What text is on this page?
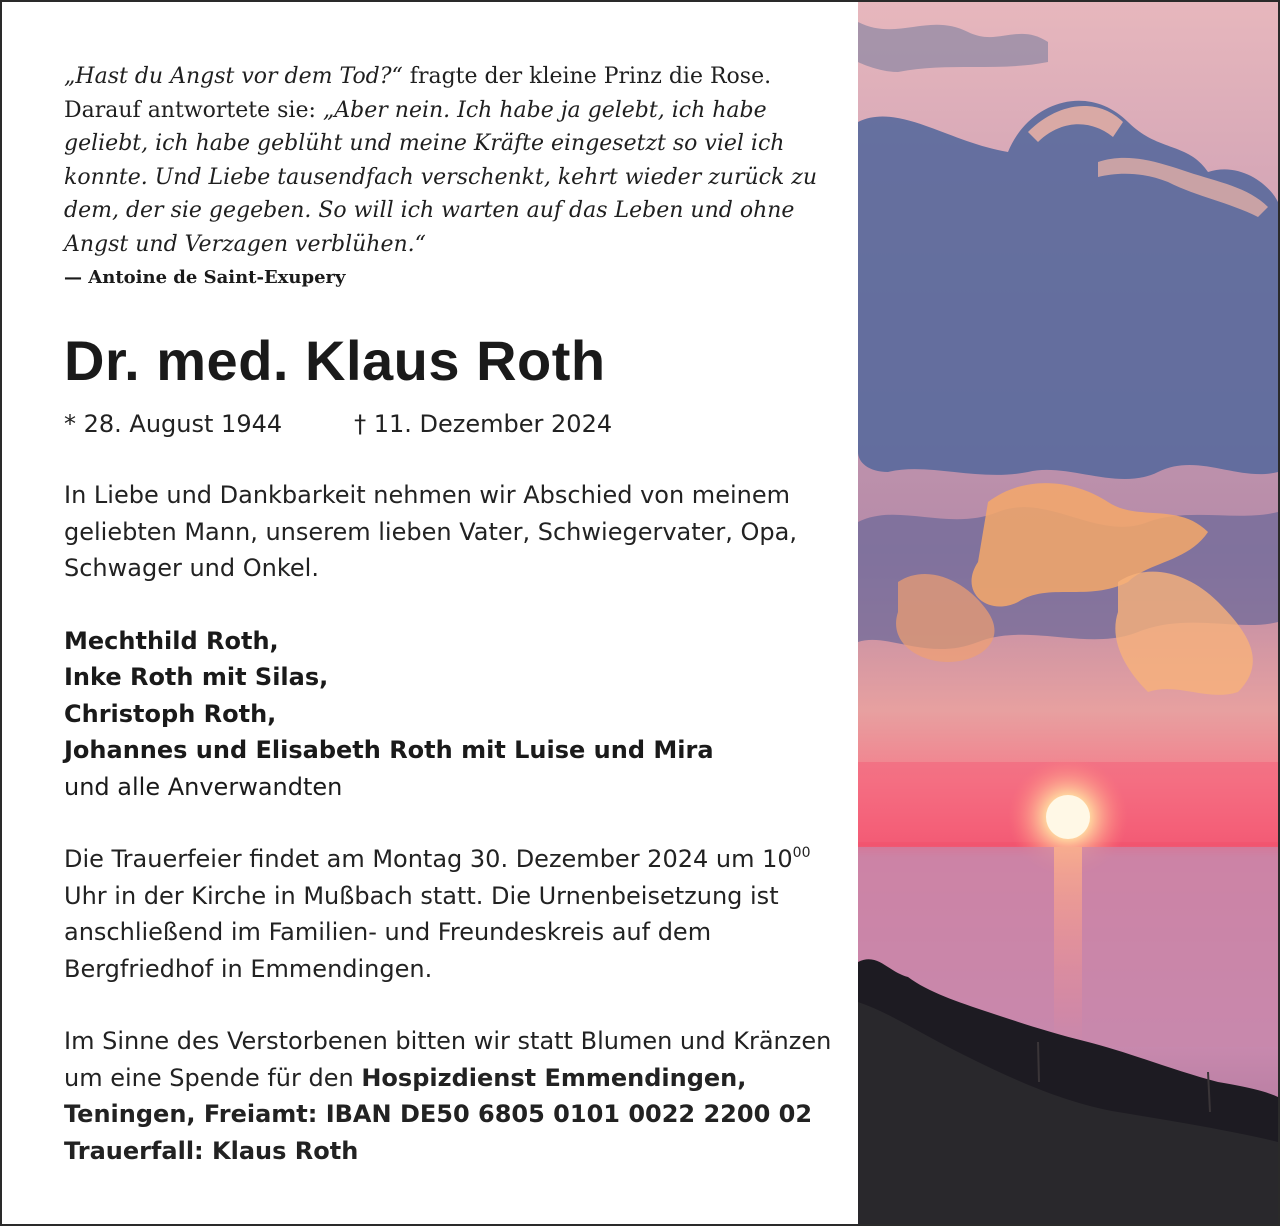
„Hast du Angst vor dem Tod?“ fragte der kleine Prinz die Rose. Darauf antwortete sie: „Aber nein. Ich habe ja gelebt, ich habe geliebt, ich habe geblüht und meine Kräfte eingesetzt so viel ich konnte. Und Liebe tausendfach verschenkt, kehrt wieder zurück zu dem, der sie gegeben. So will ich warten auf das Leben und ohne Angst und Verzagen verblühen.“

— Antoine de Saint-Exupery
Dr. med. Klaus Roth
* 28. August 1944	† 11. Dezember 2024

In Liebe und Dankbarkeit nehmen wir Abschied von meinem geliebten Mann, unserem lieben Vater, Schwiegervater, Opa, Schwager und Onkel.

Mechthild Roth,
Inke Roth mit Silas,
Christoph Roth,
Johannes und Elisabeth Roth mit Luise und Mira
und alle Anverwandten

Die Trauerfeier findet am Montag 30. Dezember 2024 um $10^{00}$ Uhr in der Kirche in Mußbach statt. Die Urnenbeisetzung ist anschließend im Familien- und Freundeskreis auf dem Bergfriedhof in Emmendingen.

Im Sinne des Verstorbenen bitten wir statt Blumen und Kränzen um eine Spende für den Hospizdienst Emmendingen, Teningen, Freiamt: IBAN DE50 6805 0101 0022 2200 02
Trauerfall: Klaus Roth
